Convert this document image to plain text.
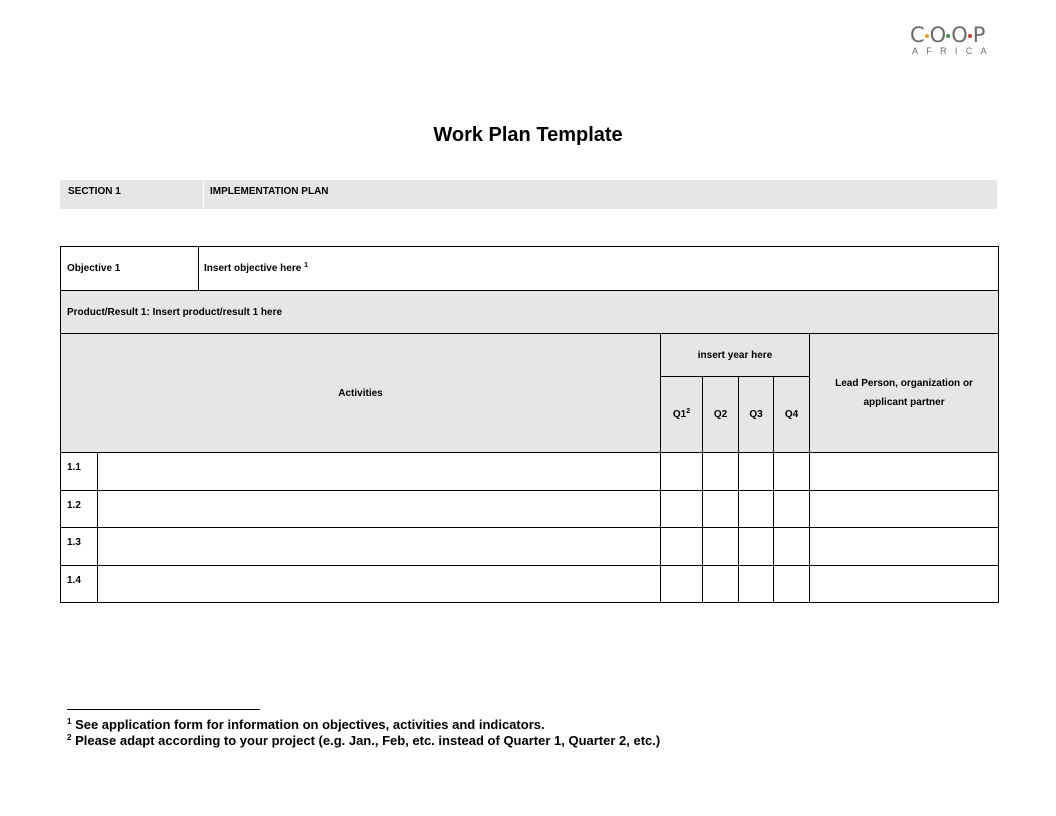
C O O P
AFRICA
Work Plan Template
SECTION 1	IMPLEMENTATION PLAN
Objective 1		Insert objective here $^1$
Product/Result 1: Insert product/result 1 here							
Activities			insert year here				Lead Person, organization or
applicant partner

			$Q1^2$	Q2	Q3	Q4	
1.1							
1.2							
1.3							
1.4							
$^1$ See application form for information on objectives, activities and indicators.
$^2$ Please adapt according to your project (e.g. Jan., Feb, etc. instead of Quarter 1, Quarter 2, etc.)
